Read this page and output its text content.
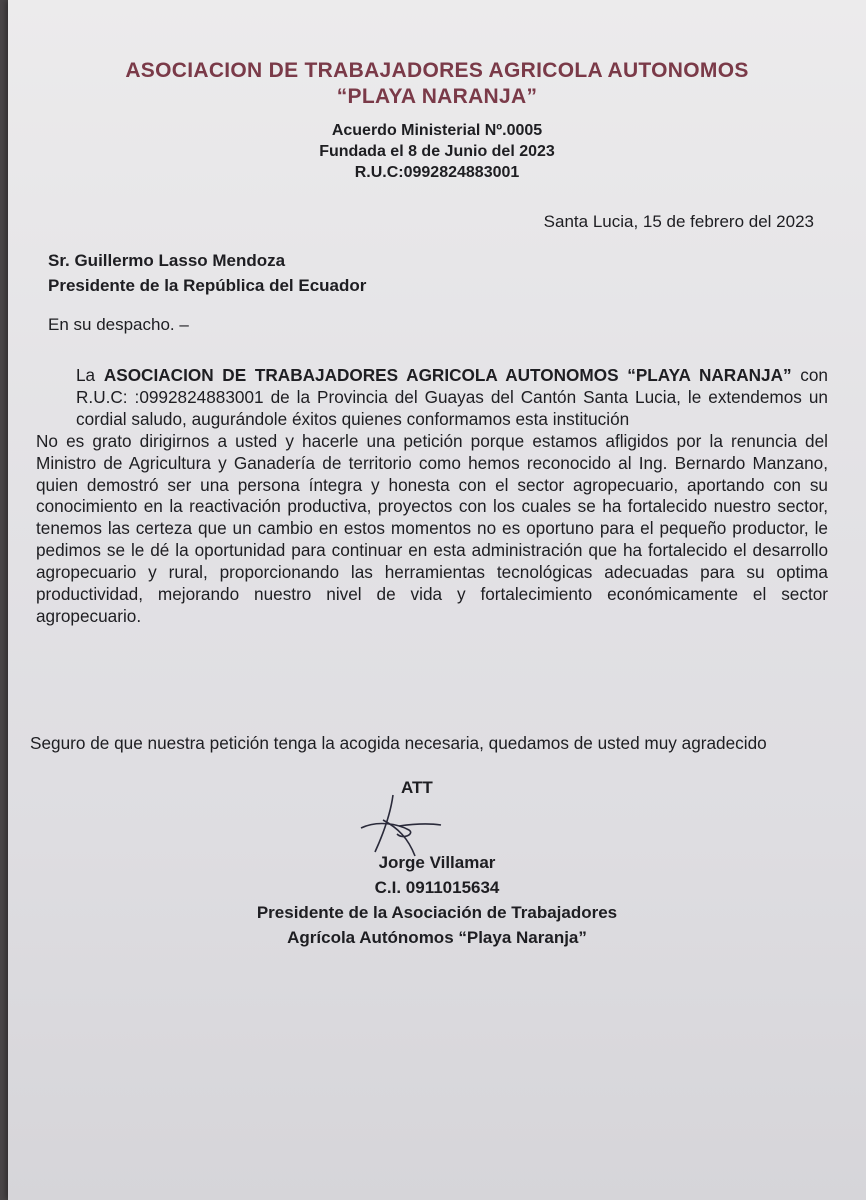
ASOCIACION DE TRABAJADORES AGRICOLA AUTONOMOS
“PLAYA NARANJA”
Acuerdo Ministerial Nº.0005
Fundada el 8 de Junio del 2023
R.U.C:0992824883001
Santa Lucia, 15 de febrero del 2023
Sr. Guillermo Lasso Mendoza
Presidente de la República del Ecuador
En su despacho. –

La ASOCIACION DE TRABAJADORES AGRICOLA AUTONOMOS “PLAYA NARANJA” con R.U.C: :0992824883001 de la Provincia del Guayas del Cantón Santa Lucia, le extendemos un cordial saludo, augurándole éxitos quienes conformamos esta institución

No es grato dirigirnos a usted y hacerle una petición porque estamos afligidos por la renuncia del Ministro de Agricultura y Ganadería de territorio como hemos reconocido al Ing. Bernardo Manzano, quien demostró ser una persona íntegra y honesta con el sector agropecuario, aportando con su conocimiento en la reactivación productiva, proyectos con los cuales se ha fortalecido nuestro sector, tenemos las certeza que un cambio en estos momentos no es oportuno para el pequeño productor, le pedimos se le dé la oportunidad para continuar en esta administración que ha fortalecido el desarrollo agropecuario y rural, proporcionando las herramientas tecnológicas adecuadas para su optima productividad, mejorando nuestro nivel de vida y fortalecimiento económicamente el sector agropecuario.

Seguro de que nuestra petición tenga la acogida necesaria, quedamos de usted muy agradecido
ATT
Jorge Villamar
C.I. 0911015634
Presidente de la Asociación de Trabajadores
Agrícola Autónomos “Playa Naranja”
